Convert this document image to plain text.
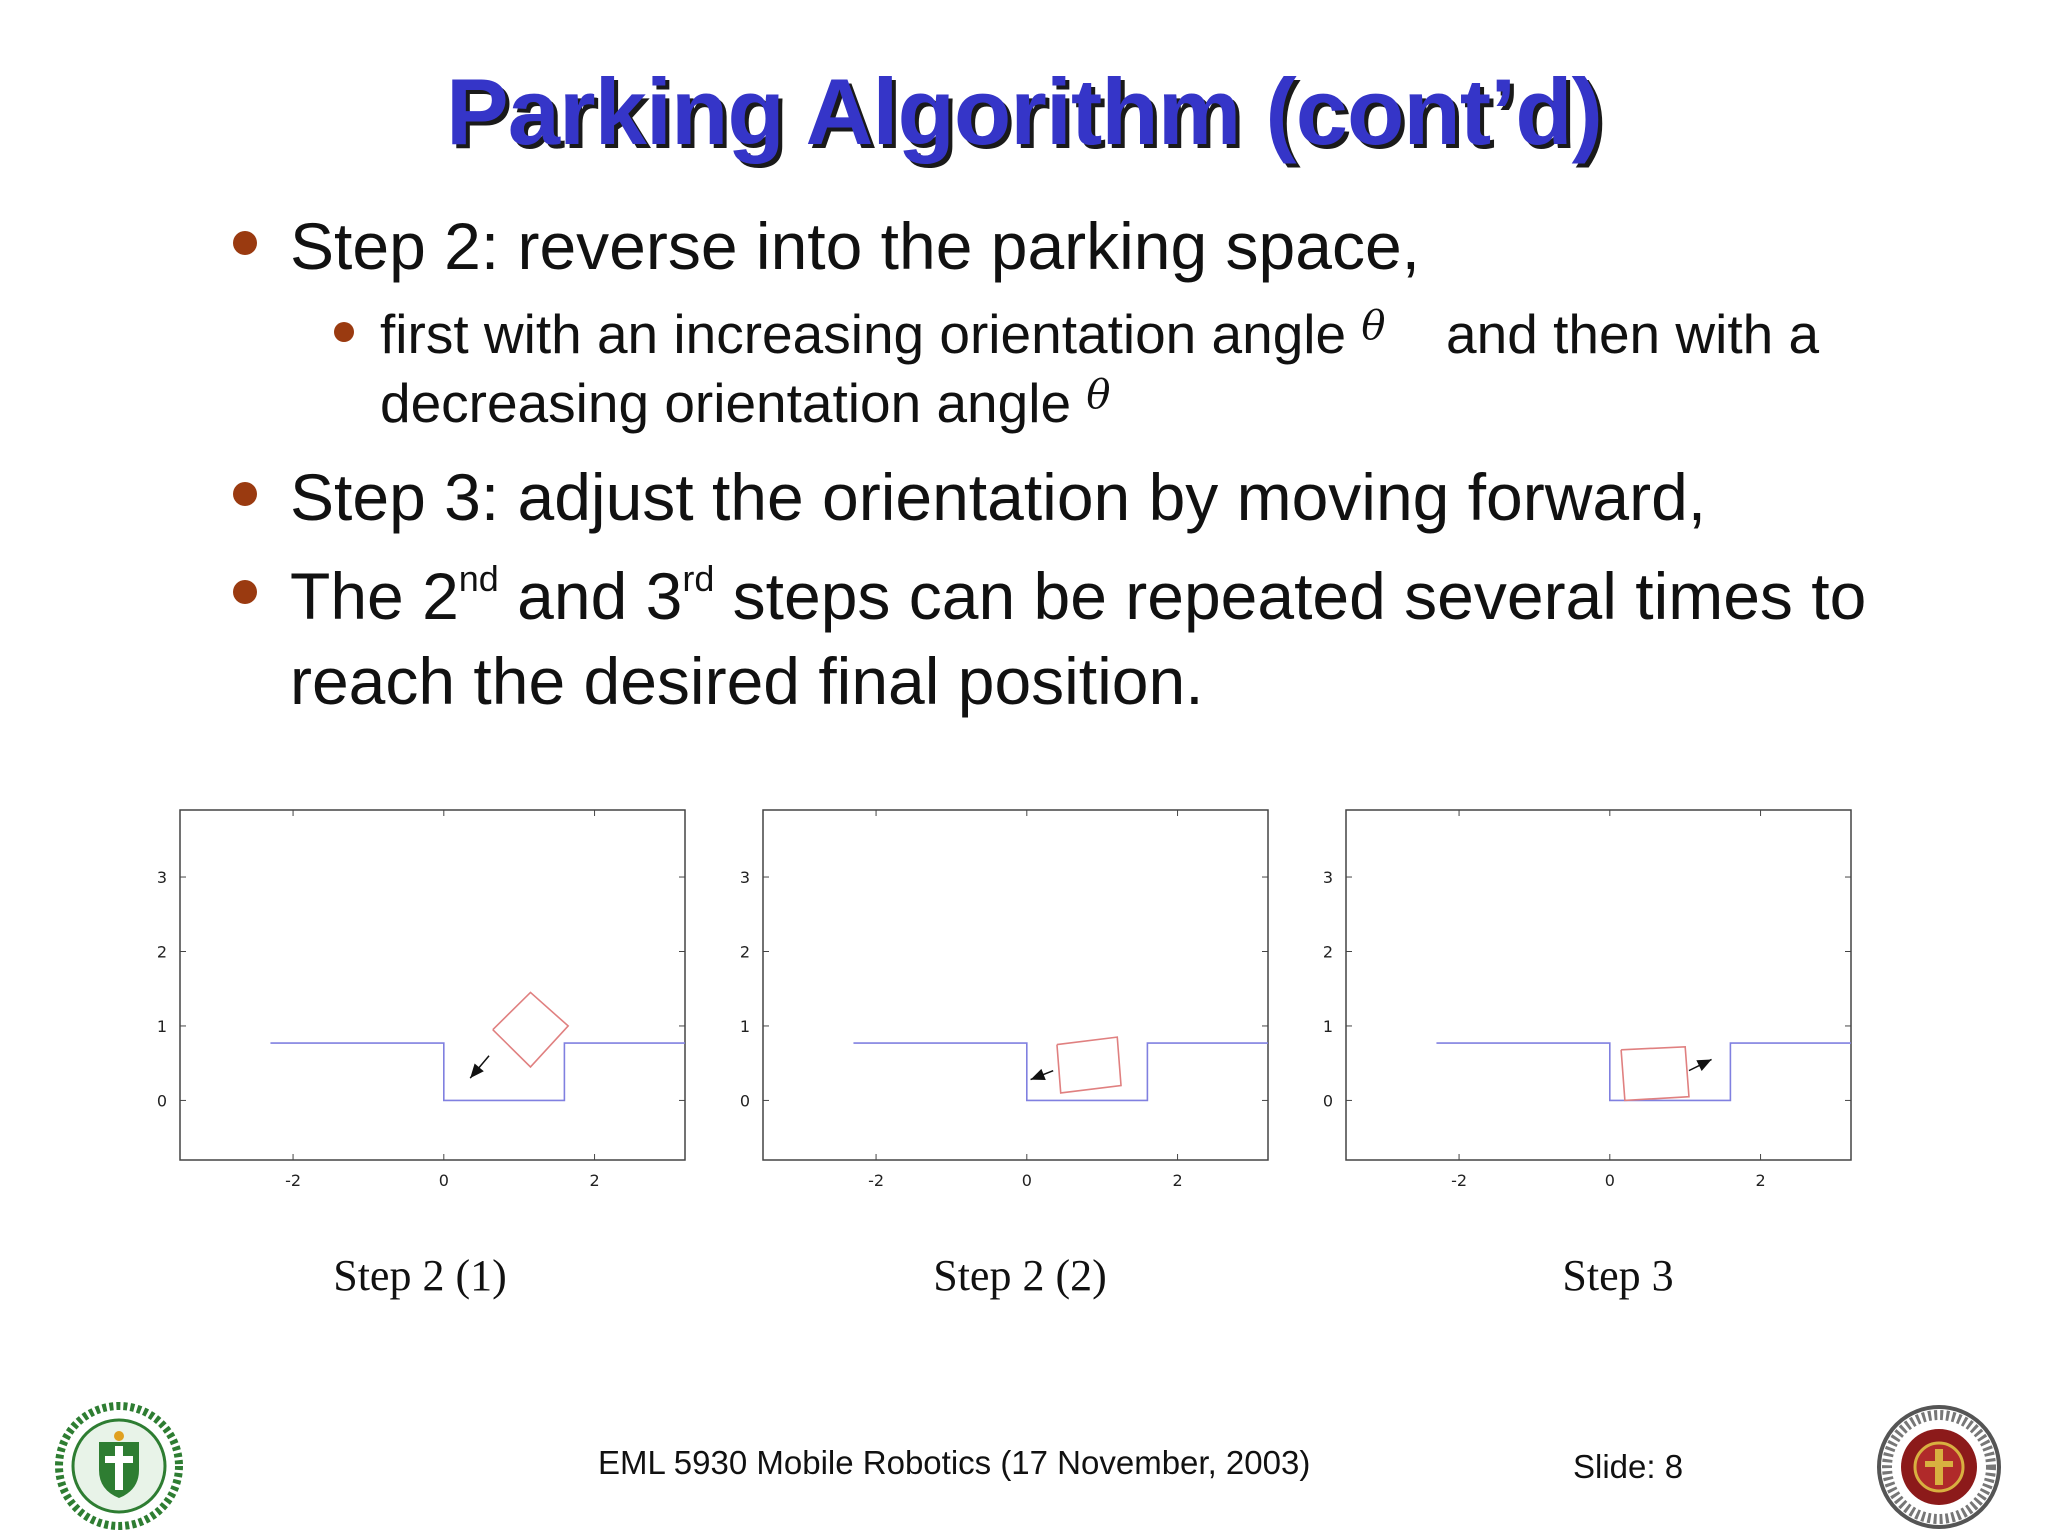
Parking Algorithm (cont’d)
Step 2: reverse into the parking space,
first with an increasing orientation angle $^\theta$ and then with a
decreasing orientation angle $^\theta$
Step 3: adjust the orientation by moving forward,
The 2nd and 3rd steps can be repeated several times to
reach the desired final position.
-2	0	2
0
1
2
3
-2	0	2
0
1
2
3
-2	0	2
0
1
2
3
Step 2 (1)	Step 2 (2)	Step 3
EML 5930 Mobile Robotics (17 November, 2003)	Slide: 8
